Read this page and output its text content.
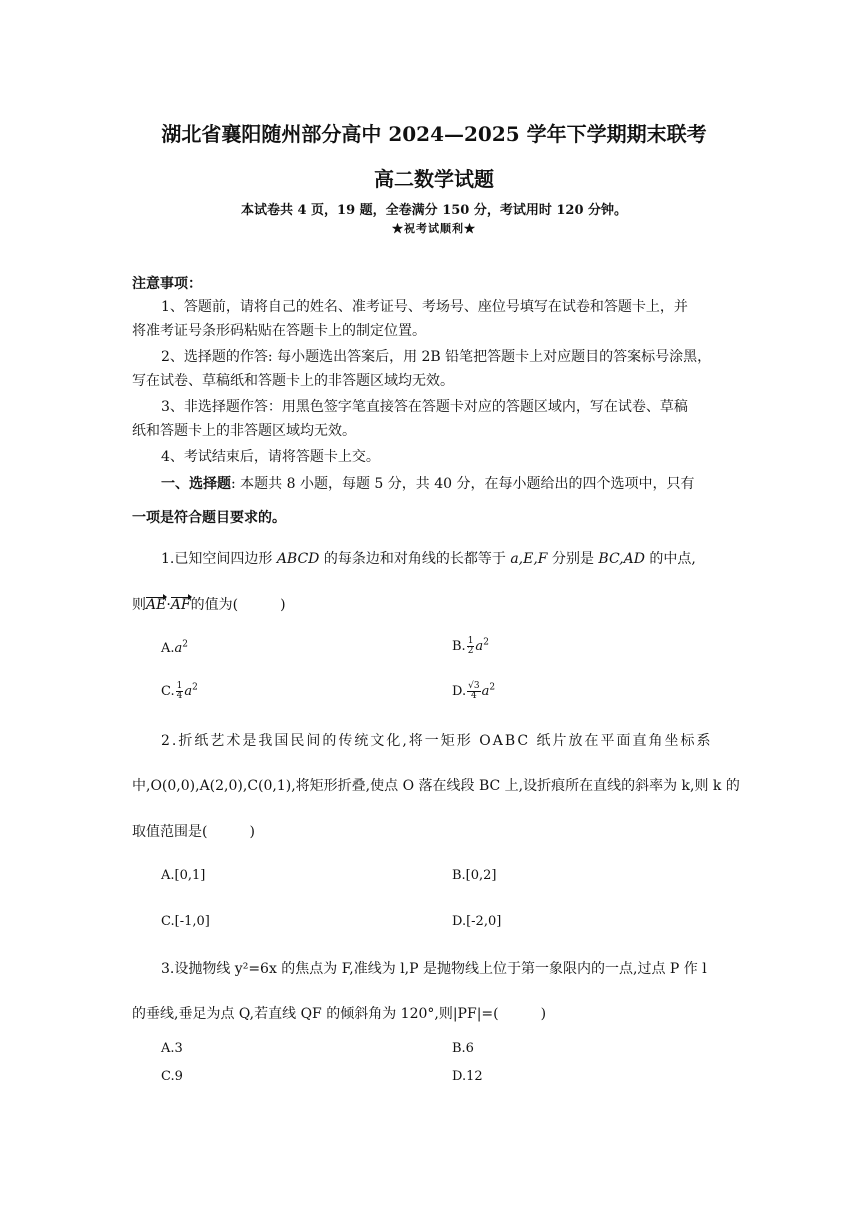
湖北省襄阳随州部分高中 2024—2025 学年下学期期末联考
高二数学试题
本试卷共 4 页，19 题，全卷满分 150 分，考试用时 120 分钟。
★祝考试顺利★
注意事项：
1、答题前，请将自己的姓名、准考证号、考场号、座位号填写在试卷和答题卡上，并
将准考证号条形码粘贴在答题卡上的制定位置。
2、选择题的作答: 每小题选出答案后，用 2B 铅笔把答题卡上对应题目的答案标号涂黑，
写在试卷、草稿纸和答题卡上的非答题区域均无效。
3、非选择题作答：用黑色签字笔直接答在答题卡对应的答题区域内，写在试卷、草稿
纸和答题卡上的非答题区域均无效。
4、考试结束后，请将答题卡上交。
一、选择题: 本题共 8 小题，每题 5 分，共 40 分，在每小题给出的四个选项中，只有
一项是符合题目要求的。
1.已知空间四边形 ABCD 的每条边和对角线的长都等于 a,E,F 分别是 BC,AD 的中点,
则AE·AF的值为(　　　)
$A.a^2$	B. $\frac{1}{2} a^2$
C. $\frac{1}{4} a^2$	D. $\frac{√3}{4} a^2$
2.折纸艺术是我国民间的传统文化,将一矩形 OABC 纸片放在平面直角坐标系
中,O(0,0),A(2,0),C(0,1),将矩形折叠,使点 O 落在线段 BC 上,设折痕所在直线的斜率为 k,则 k 的
取值范围是(　　　)
A.[0,1]	B.[0,2]
C.[-1,0]	D.[-2,0]
3.设抛物线 y²=6x 的焦点为 F,准线为 l,P 是抛物线上位于第一象限内的一点,过点 P 作 l
的垂线,垂足为点 Q,若直线 QF 的倾斜角为 120°,则|PF|=(　　　)
A.3	B.6
C.9	D.12
